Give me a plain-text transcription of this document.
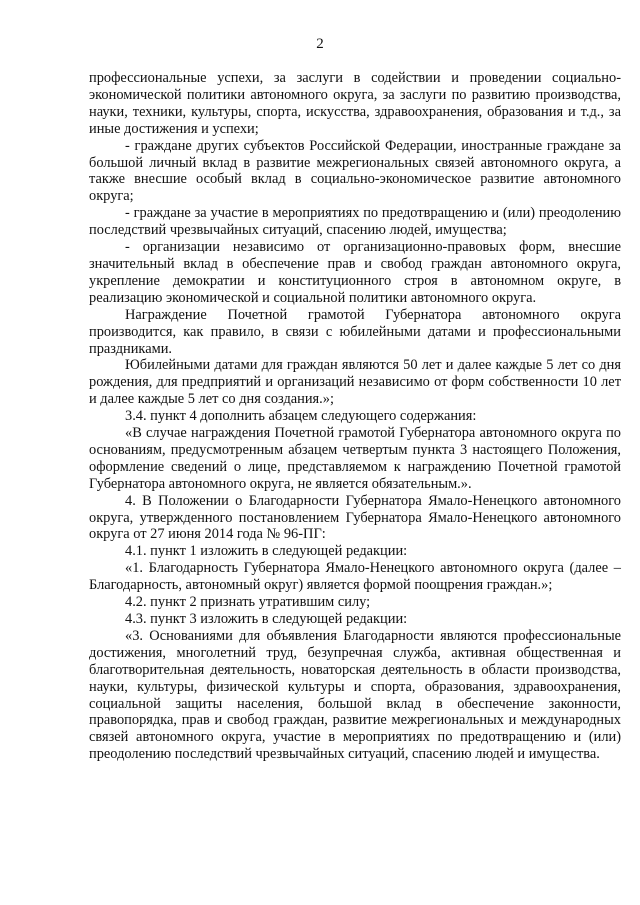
2

профессиональные успехи, за заслуги в содействии и проведении социально-экономической политики автономного округа, за заслуги по развитию производства, науки, техники, культуры, спорта, искусства, здравоохранения, образования и т.д., за иные достижения и успехи;

- граждане других субъектов Российской Федерации, иностранные граждане за большой личный вклад в развитие межрегиональных связей автономного округа, а также внесшие особый вклад в социально-экономическое развитие автономного округа;

- граждане за участие в мероприятиях по предотвращению и (или) преодолению последствий чрезвычайных ситуаций, спасению людей, имущества;

- организации независимо от организационно-правовых форм, внесшие значительный вклад в обеспечение прав и свобод граждан автономного округа, укрепление демократии и конституционного строя в автономном округе, в реализацию экономической и социальной политики автономного округа.

Награждение Почетной грамотой Губернатора автономного округа производится, как правило, в связи с юбилейными датами и профессиональными праздниками.

Юбилейными датами для граждан являются 50 лет и далее каждые 5 лет со дня рождения, для предприятий и организаций независимо от форм собственности 10 лет и далее каждые 5 лет со дня создания.»;

3.4. пункт 4 дополнить абзацем следующего содержания:

«В случае награждения Почетной грамотой Губернатора автономного округа по основаниям, предусмотренным абзацем четвертым пункта 3 настоящего Положения, оформление сведений о лице, представляемом к награждению Почетной грамотой Губернатора автономного округа, не является обязательным.».

4. В Положении о Благодарности Губернатора Ямало-Ненецкого автономного округа, утвержденного постановлением Губернатора Ямало-Ненецкого автономного округа от 27 июня 2014 года № 96-ПГ:

4.1. пункт 1 изложить в следующей редакции:

«1. Благодарность Губернатора Ямало-Ненецкого автономного округа (далее – Благодарность, автономный округ) является формой поощрения граждан.»;

4.2. пункт 2 признать утратившим силу;

4.3. пункт 3 изложить в следующей редакции:

«3. Основаниями для объявления Благодарности являются профессиональные достижения, многолетний труд, безупречная служба, активная общественная и благотворительная деятельность, новаторская деятельность в области производства, науки, культуры, физической культуры и спорта, образования, здравоохранения, социальной защиты населения, большой вклад в обеспечение законности, правопорядка, прав и свобод граждан, развитие межрегиональных и международных связей автономного округа, участие в мероприятиях по предотвращению и (или) преодолению последствий чрезвычайных ситуаций, спасению людей и имущества.
